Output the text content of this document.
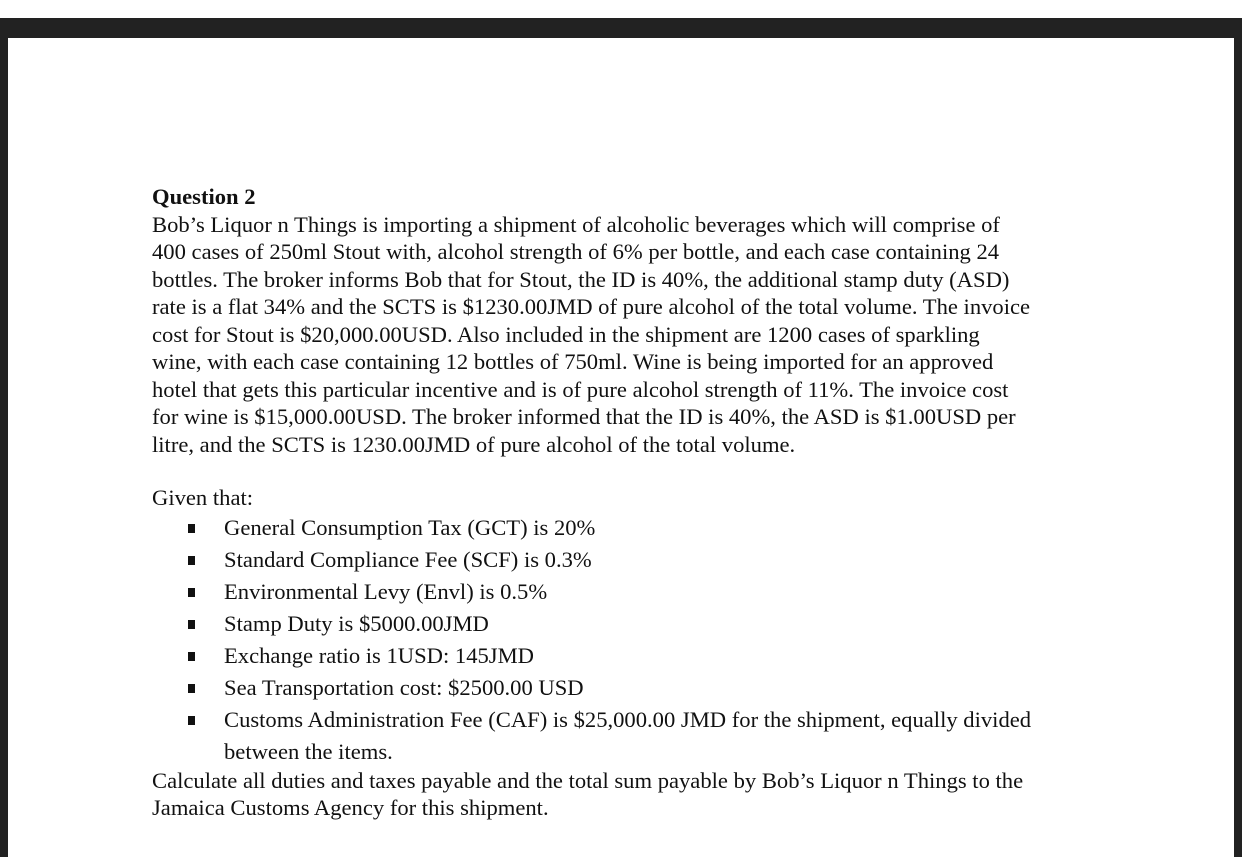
Question 2
Bob’s Liquor n Things is importing a shipment of alcoholic beverages which will comprise of
400 cases of 250ml Stout with, alcohol strength of 6% per bottle, and each case containing 24
bottles. The broker informs Bob that for Stout, the ID is 40%, the additional stamp duty (ASD)
rate is a flat 34% and the SCTS is $1230.00JMD of pure alcohol of the total volume. The invoice
cost for Stout is $20,000.00USD. Also included in the shipment are 1200 cases of sparkling
wine, with each case containing 12 bottles of 750ml. Wine is being imported for an approved
hotel that gets this particular incentive and is of pure alcohol strength of 11%. The invoice cost
for wine is $15,000.00USD. The broker informed that the ID is 40%, the ASD is $1.00USD per
litre, and the SCTS is 1230.00JMD of pure alcohol of the total volume.
Given that:
General Consumption Tax (GCT) is 20%
Standard Compliance Fee (SCF) is 0.3%
Environmental Levy (Envl) is 0.5%
Stamp Duty is $5000.00JMD
Exchange ratio is 1USD: 145JMD
Sea Transportation cost: $2500.00 USD
Customs Administration Fee (CAF) is $25,000.00 JMD for the shipment, equally divided
between the items.
Calculate all duties and taxes payable and the total sum payable by Bob’s Liquor n Things to the
Jamaica Customs Agency for this shipment.
